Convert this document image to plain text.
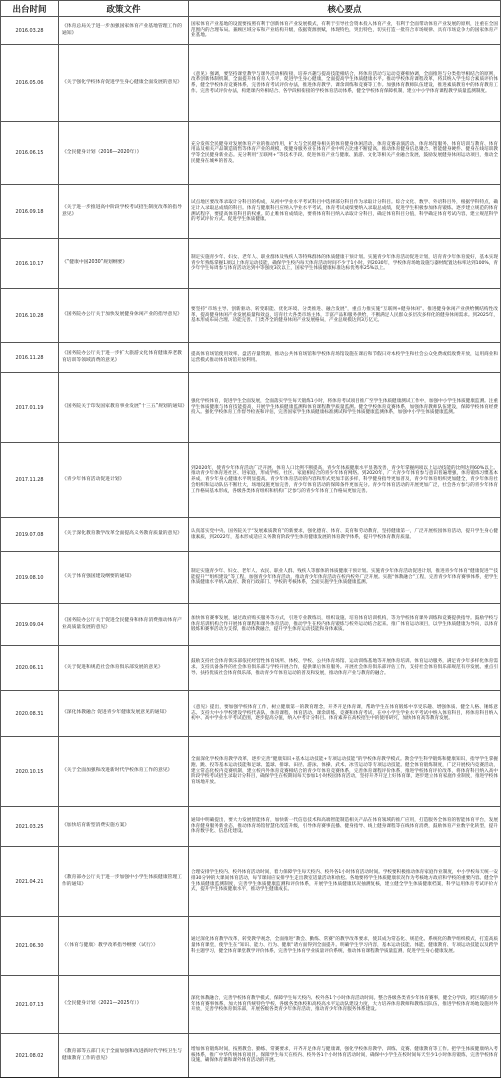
出台时间	政策文件	核心要点
2016.03.28	《体育总局关于进一步加强国家体育产业基地管理工作的通知》	国家体育产业基地的设置要按照有利于创新体育产业发展模式，有利于引导社会资本投入体育产业，有利于全面带动体育产业发展的原则，注重在全国范围内的合理布局。兼顾区域分布和产业结构升级，依据资源禀赋，体现特色，突出特色，切实打造一批符合市场规律、具有市场竞争力的国家体育产业基地。

2016.05.06	《关于强化学校体育促进学生身心健康全面发展的意见》	《意见》强调，要坚持课堂教学与课外活动相衔接，培养兴趣与提高技能相结合，将体育活动与运动竞赛相协调，全面推进与分类指导相结合的原则，改革创新体制机制，全面提升体育育人水平，促进学生身心健康，全面提高学生体质健康水平。推动学校体育课程改革，将其纳入学生综合素质评价体系，健全学校体育竞赛体系，完善体育考试评价办法，推进体育教学、课余训练和竞赛等工作。加强体育教师队伍建设，推进素质教育中的体育教育工作。完善考试评价办法，构建课内外相结合、各学段相衔接的学校体育活动体系，健全学校体育保障机制，建立中小学体育课程教学质量监测制度。

2016.06.15	《全民健身计划（2016—2020年）》	充分发挥全民健身对发展体育产业的推动作用，扩大与全民健身相关的体育健身休闲活动、体育竞赛表演活动、体育场馆服务、体育培训与教育、体育用品及相关产品制造销售等体育产业的规模，使健身服务业在体育产业中所占比重不断提高，推动体育健身信息聚合、智能健身硬件、健身在线培训教学等全民健身新业态。充分利用“互联网+”等技术手段，促进体育产业与健康、旅游、文化等相关产业融合发展，鼓励发展健身休闲运动项目，推动全民健身在城乡的普及。

2016.09.18	《关于进一步推进高中阶段学校考试招生制度改革的指导意见》	试点地区要改革录取计分科目的构成，从初中学业水平考试科目中选择部分科目作为录取计分科目。综合文化、数学、外语科目外，根据学科特点，确定计入录取总成绩的科目。体育与健康科目应纳入学业水平考试，体育考试成绩要纳入录取总成绩，促进学生积极参加体育锻炼。逐步建立规范的体育测试程序，要提高体育科目的权重。防止唯体育成绩论，要将体育科目纳入录取计分科目，确定体育科目分值，科学确定体育考试内容，建立规范科学的考试评价方式。促进学生体质健康。

2016.10.17	《“健康中国2030”规划纲要》	制定实施青少年、妇女、老年人、职业群体及残疾人等特殊群体的体质健康干预计划。实施青少年体育活动促进计划，培育青少年体育爱好，基本实现青少年熟练掌握1项以上体育运动技能，确保学生校内每天体育活动时间不少于1小时。到2030年，学校体育场地设施与器材配置达标率达到100%，青少年学生每周参与体育活动达到中等强度3次以上，国家学生体质健康标准达标优秀率25%以上。

2016.10.28	《国务院办公厅关于加快发展健身休闲产业的指导意见》	要坚持“市场主导、创新驱动、转变职能、优化环境、分类推进、融合发展”，重点力推实施“互联网+健身休闲”。推进健身休闲产业供给侧结构性改革，提高健身休闲产业发展质量和效益，培育壮大各类市场主体，丰富产品和服务供给，不断满足人民群众多层次多样化的健身休闲需求。到2025年，基本形成布局合理、功能完善、门类齐全的健身休闲产业发展格局，产业总规模达到3万亿元。

2016.11.28	《国务院办公厅关于进一步扩大旅游文化体育健康养老教育培训等领域消费的意见》	提高体育场馆使用效率，盘活存量资源，推动公共体育场馆和学校体育场馆设施在课后和节假日对本校学生和社会公众免费或低收费开放，运用商业和运营模式推动体育场馆开放利用。

2017.01.19	《国务院关于印发国家教育事业发展“十三五”规划的通知》	强化学校体育，促进学生全面发展，全面落实学生每天锻炼1小时，将体育考试项目推广至学生体质健康测试工作中，加强中小学生体质健康监测。注重学生体质健康与体育技能提高，开展学生体质健康监测和体育课程教学质量监测。健全学校体育竞赛体系，加强体育教师队伍建设，保障学校体育经费投入。强化学校体育工作督导检查和评估，完善国家学生体质健康标准测试和学生体质健康监测体系，加强中小学生体质健康监测。

2017.11.28	《青少年体育活动促进计划》	到2020年，使青少年体育活动广泛开展，体育人口比例不断提高，青少年体质健康水平显著改善，青少年掌握两项以上运动技能的比例达到60%以上。推动青少年体育进社区、进家庭，形成学校、社区、家庭相结合的青少年体育网络。到2020年，广大青少年体育参与意识普遍增强，体育锻炼习惯基本养成，青少年身心健康水平明显提高。青少年体育活动的内容和形式更加丰富多样，科学健身指导更加普及，青少年体育组织更加健全，青少年体育社会组织和运动队伍不断壮大，场地设施更加完善，青少年体育活动的保障条件更加充分。青少年体育活动的开展更加广泛，社会各方参与的青少年体育工作格局基本形成，各级各类体育组织和机构广泛参与的青少年体育工作格局更加完善。

2019.07.08	《关于深化教育教学改革全面提高义务教育质量的意见》	认真落实党中央、国务院关于“发展素质教育”的新要求，强化德育、体育、美育和劳动教育，坚持健康第一，广泛开展校园体育活动，提升学生身心健康素质，到2022年，基本形成适应义务教育阶段学生体育健康发展的体育教学体系，提升学校体育教育质量。

2019.08.10	《关于体育强国建设纲要的通知》	制定实施青少年、妇女、老年人、农民、职业人群、残疾人等群体的体质健康干预计划。实施青少年体育活动促进计划，推进青少年体育“健康促进”“技能提升”“组织建设”等工程，加强青少年体育活动，推动青少年体育活动在校内校外广泛开展。实施“体教融合”工程，完善青少年体育赛事体系，把学生体质健康水平纳入政府、教育行政部门、学校的考核体系，全面实施学生体质健康监测。

2019.09.04	《国务院办公厅关于促进全民健身和体育消费推动体育产业高质量发展的意见》	加快体育赛事发展，通过政府购买服务等方式，引进专业教练员，组织设施、培育体育培训机构，等为学校体育课外训练和竞赛提供指导。鼓励学校与体育培训机构合作开展体育课程和课外体育活动，推动学生在校内体育锻炼与校外运动结合起来。推广体育运动项目，以学生体质健康为导向，以体育锻炼和赛事活动为支撑，推动体教融合，提升学生体育运动技能和身体素质。

2020.06.11	《关于促进和规范社会体育俱乐部发展的意见》	鼓励支持社会体育俱乐部依托经营性体育场所、体校、学校、公共体育场馆、运动训练基地等开展体育培训、体育运动服务，满足青少年多样化体育需求。支持具备条件的社会体育俱乐部与学校开展合作，提供课后体育服务。开展社会体育俱乐部评估工作，支持社会体育俱乐部规范有序发展。重点引导、扶持优质社会体育俱乐部，推动青少年体育运动的普及和发展，推动体育产业与教育的融合。

2020.08.31	《深化体教融合 促进青少年健康发展意见的通知》	《意见》提出，要加强学校体育工作，树立健康第一的教育理念，开齐开足体育课，帮助学生在体育锻炼中享受乐趣、增强体质、健全人格、锤炼意志。支持大中小学校建设学校代表队，体育课程、体育活动、课余训练、竞赛和体育考试，在中小学生学业水平考试中纳入体育科目，将体育科目纳入初中、高中学业水平考试范围，逐步提高分值，纳入中考计分科目。体育素养在高校招生中的使用研究，加快体育高等教育发展。

2020.10.15	《关于全面加强和改进新时代学校体育工作的意见》	全面深化学校体育教学改革，逐步完善“健康知识+基本运动技能+专项运动技能”的学校体育教学模式。教会学生科学锻炼和健康知识，指导学生掌握跑、跳、投等基本运动技能和足球、篮球、排球、田径、游泳、体操、武术、冰雪运动等专项运动技能。健全体育锻炼制度，广泛开展校内竞赛活动，建立常态化校内竞赛机制，建立校内外体育竞赛相结合的青少年体育竞赛体系，完善体育课程评价体系，推进学校体育评价改革，将体育科目纳入高中阶段学校考试招生录取计分科目，确保学生在校期间每天参加1小时校园体育活动，坚持开齐开足上好体育课，逐步建立体育家庭作业制度，推进学校体育场地开放。

2021.03.25	《加快培育新型消费实施方案》	通知中明确提出，要大力发展智能体育，加快新一代信息技术和高端智能制造相关产品在体育领域的推广应用，打造服务全体育的智能体育平台，发展体育健身服务新业态，推动体育场馆智慧化改造升级，引导体育赛事直播、健身指导、线上健身课程等在线体育消费，鼓励体育产业数字化转型，提升体育数字化、信息化建设。

2021.04.21	《教育部办公厅关于进一步加强中小学生体质健康管理工作的通知》	合理安排学生校内、校外体育活动时间，着力保障学生每天校内、校外各1小时体育活动时间。学校要积极推动体育家庭作业制度，中小学校每天统一安排30分钟的大课间体育活动，每节课间应安排学生走出教室适量活动和放松。各地要将学生体质健康状况作为考核地方政府和学校的重要内容。健全学生体质健康监测制度，完善学生体质健康监测和评价体系，开展学生体质健康状况抽测复核，建立健全学生体质健康档案，科学运用体育考试评价方式，提升学生体质健康水平，推动学生健康成长。

2021.06.30	《〈体育与健康〉教学改革指导纲要（试行）》	通过深化体育教学改革，转变教学观念，全面推进“教会、勤练、常赛”的教学改革要求，使其成为常态化、规范化、系统化的教学组织模式，打造高质量体育课堂，使学生在“知识、能力、行为、健康”诸方面得到全面提升。明确学生学习内容，基本运动技能、体能、健康教育、专项运动技能以及跨学科主题学习，健全体育课堂教学评价体系，完善学生体育学业质量评价系统，推动体育课程教学质量监测，促进学生身心健康发展。

2021.07.13	《全民健身计划（2021—2025年）》	深化体教融合，完善学校体育教学模式，保障学生每天校内、校外各1个小时体育活动时间。整合各级各类青少年体育赛事，健全分学段、跨区域的青少年体育赛事体系。加大体育传统特色学校、各级各类体校和高校高水平运动队建设力度，大力培养体育教师和教练员队伍，推进学校体育场地设施对外开放，完善学校体育俱乐部，开展各级各类青少年体育活动，推动青少年体育服务体系建设。

2021.08.02	《教育部等五部门关于全面加强和改进新时代学校卫生与健康教育工作的意见》	增加体育锻炼时间，按照教会、勤练、常赛要求，开齐开足体育与健康课，强化学校体育教学、训练、竞赛、健康教育等工作。把学生体质健康纳入考核体系，推广中华传统体育项目。保障学生每天在校内、校外各1个小时体育活动时间，确保中小学生在校时间每天至少1小时体育锻炼，完善学校体育设施，确保体育课和课外体育活动的开展。
